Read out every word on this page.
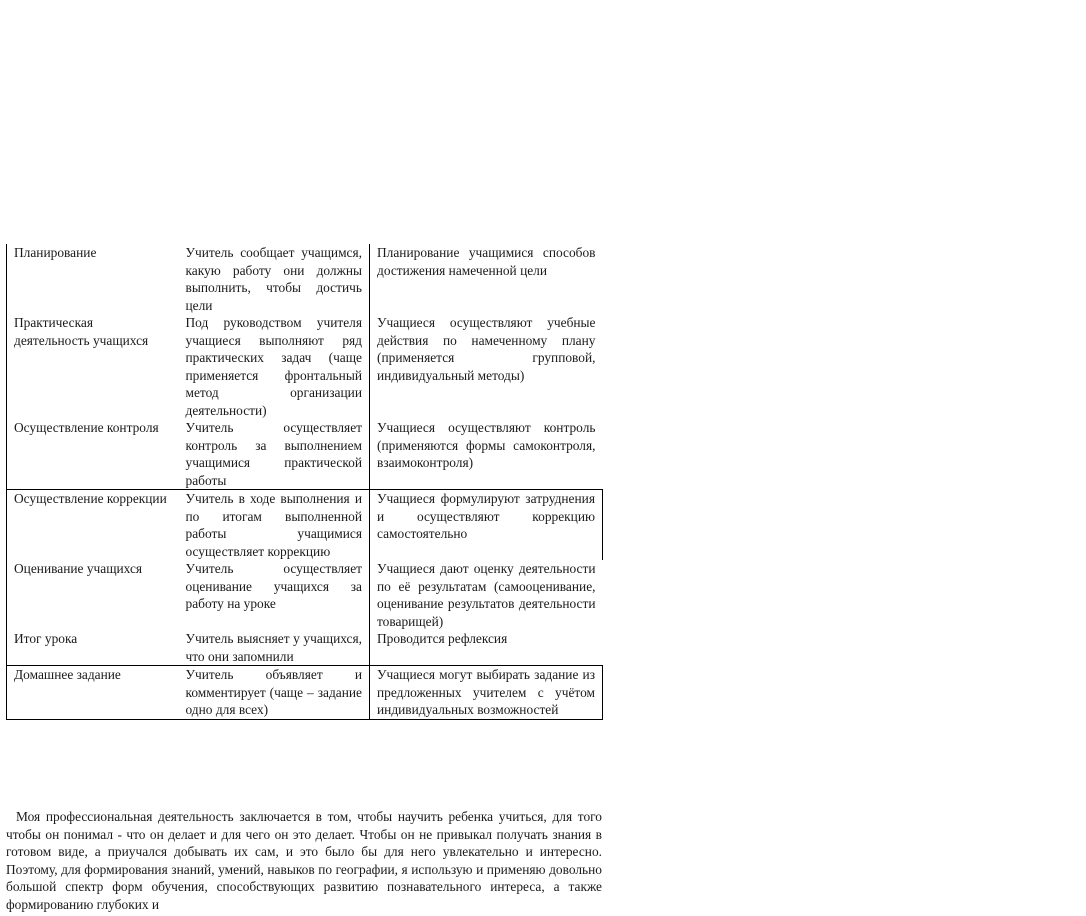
Планирование	Учитель сообщает учащимся, какую работу они должны выполнить, чтобы достичь цели	Планирование учащимися способов достижения намеченной цели
Практическая деятельность учащихся	Под руководством учителя учащиеся выполняют ряд практических задач (чаще применяется фронтальный метод организации деятельности)	Учащиеся осуществляют учебные действия по намеченному плану (применяется групповой, индивидуальный методы)
Осуществление контроля	Учитель осуществляет контроль за выполнением учащимися практической работы	Учащиеся осуществляют контроль (применяются формы самоконтроля, взаимоконтроля)
Осуществление коррекции	Учитель в ходе выполнения и по итогам выполненной работы учащимися осуществляет коррекцию	Учащиеся формулируют затруднения и осуществляют коррекцию самостоятельно
Оценивание учащихся	Учитель осуществляет оценивание учащихся за работу на уроке	Учащиеся дают оценку деятельности по её результатам (самооценивание, оценивание результатов деятельности товарищей)
Итог урока	Учитель выясняет у учащихся, что они запомнили	Проводится рефлексия
Домашнее задание	Учитель объявляет и комментирует (чаще – задание одно для всех)	Учащиеся могут выбирать задание из предложенных учителем с учётом индивидуальных возможностей

Моя профессиональная деятельность заключается в том, чтобы научить ребенка учиться, для того чтобы он понимал - что он делает и для чего он это делает. Чтобы он не привыкал получать знания в готовом виде, а приучался добывать их сам, и это было бы для него увлекательно и интересно. Поэтому, для формирования знаний, умений, навыков по географии, я использую и применяю довольно большой спектр форм обучения, способствующих развитию познавательного интереса, а также формированию глубоких и
